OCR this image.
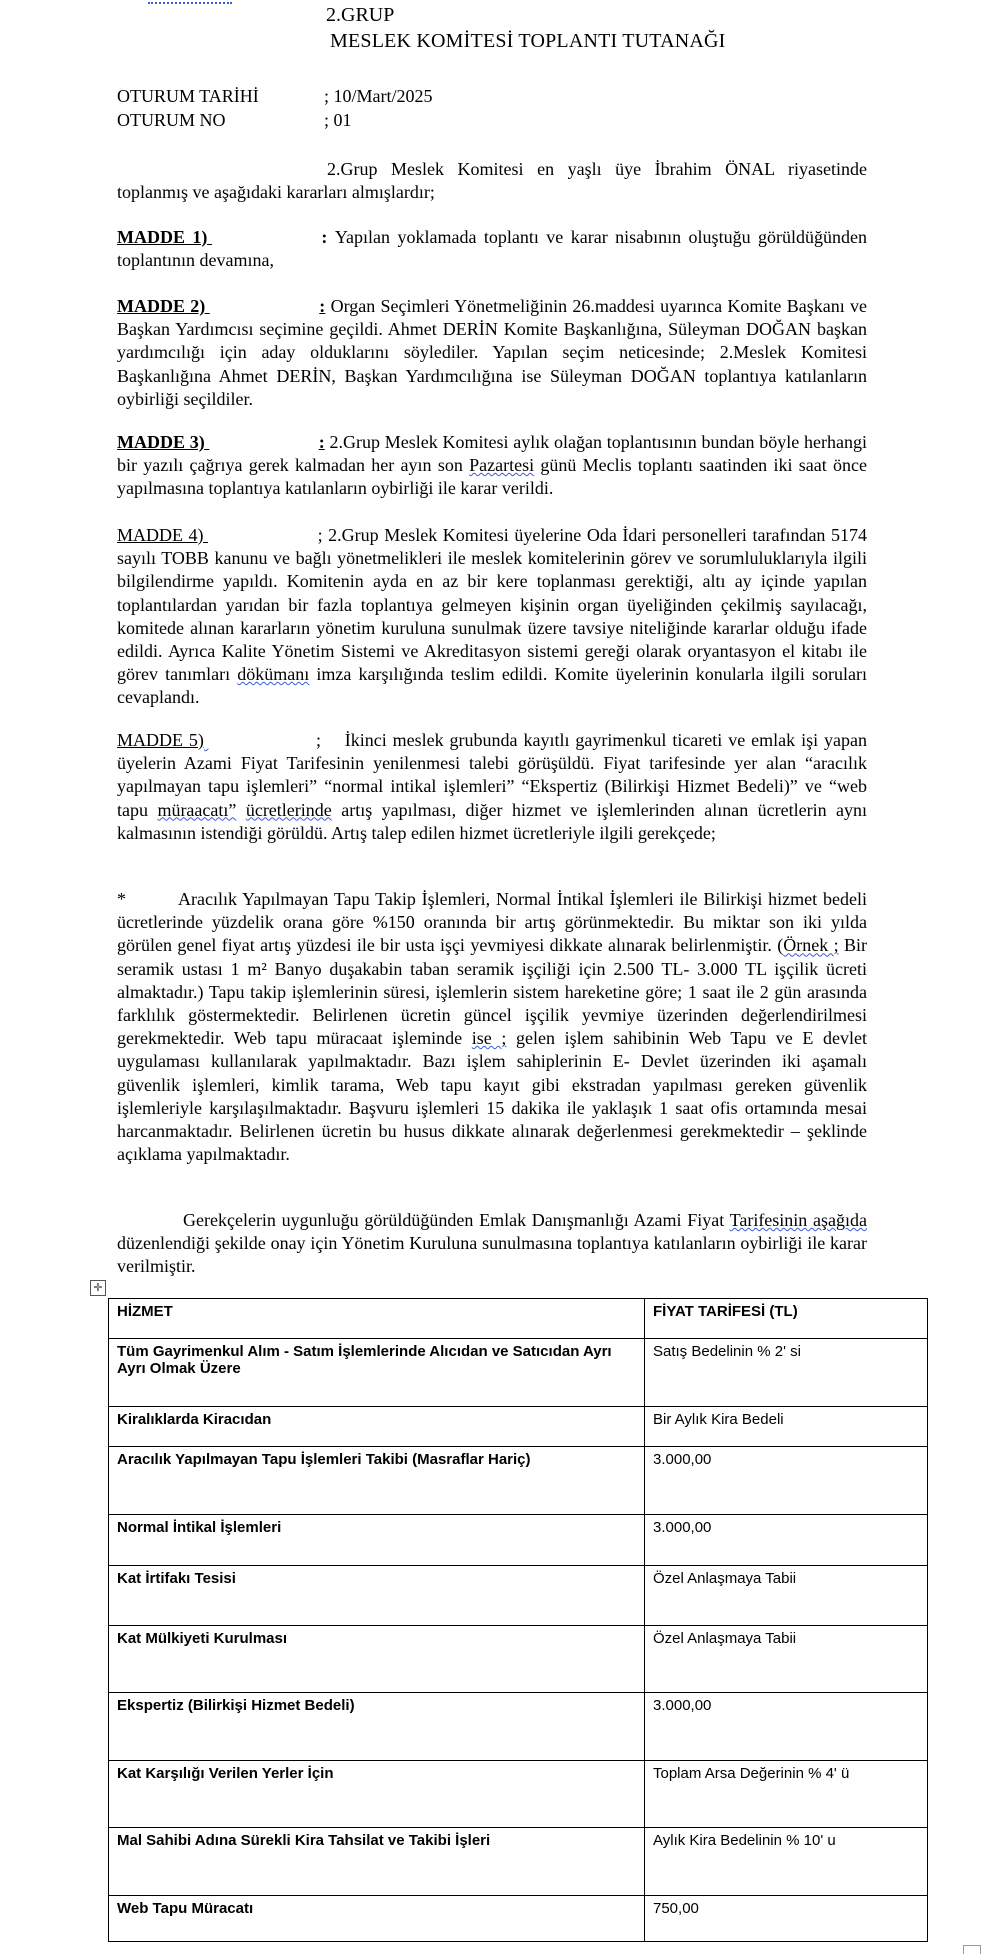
2.GRUP
MESLEK KOMİTESİ TOPLANTI TUTANAĞI
OTURUM TARİHİ	; 10/Mart/2025
OTURUM NO	; 01
2.Grup Meslek Komitesi en yaşlı üye İbrahim ÖNAL riyasetinde toplanmış ve aşağıdaki kararları almışlardır;
MADDE 1)	: Yapılan yoklamada toplantı ve karar nisabının oluştuğu görüldüğünden toplantının devamına,
MADDE 2)	: Organ Seçimleri Yönetmeliğinin 26.maddesi uyarınca Komite Başkanı ve Başkan Yardımcısı seçimine geçildi. Ahmet DERİN Komite Başkanlığına, Süleyman DOĞAN başkan yardımcılığı için aday olduklarını söylediler. Yapılan seçim neticesinde; 2.Meslek Komitesi Başkanlığına Ahmet DERİN, Başkan Yardımcılığına ise Süleyman DOĞAN toplantıya katılanların oybirliği seçildiler.
MADDE 3)	: 2.Grup Meslek Komitesi aylık olağan toplantısının bundan böyle herhangi bir yazılı çağrıya gerek kalmadan her ayın son Pazartesi günü Meclis toplantı saatinden iki saat önce yapılmasına toplantıya katılanların oybirliği ile karar verildi.
MADDE 4)	; 2.Grup Meslek Komitesi üyelerine Oda İdari personelleri tarafından 5174 sayılı TOBB kanunu ve bağlı yönetmelikleri ile meslek komitelerinin görev ve sorumluluklarıyla ilgili bilgilendirme yapıldı. Komitenin ayda en az bir kere toplanması gerektiği, altı ay içinde yapılan toplantılardan yarıdan bir fazla toplantıya gelmeyen kişinin organ üyeliğinden çekilmiş sayılacağı, komitede alınan kararların yönetim kuruluna sunulmak üzere tavsiye niteliğinde kararlar olduğu ifade edildi. Ayrıca Kalite Yönetim Sistemi ve Akreditasyon sistemi gereği olarak oryantasyon el kitabı ile görev tanımları dökümanı imza karşılığında teslim edildi. Komite üyelerinin konularla ilgili soruları cevaplandı.
MADDE 5)	;    İkinci meslek grubunda kayıtlı gayrimenkul ticareti ve emlak işi yapan üyelerin Azami Fiyat Tarifesinin yenilenmesi talebi görüşüldü. Fiyat tarifesinde yer alan “aracılık yapılmayan tapu işlemleri” “normal intikal işlemleri” “Ekspertiz (Bilirkişi Hizmet Bedeli)” ve “web tapu müraacatı” ücretlerinde artış yapılması, diğer hizmet ve işlemlerinden alınan ücretlerin aynı kalmasının istendiği görüldü. Artış talep edilen hizmet ücretleriyle ilgili gerekçede;
*	Aracılık Yapılmayan Tapu Takip İşlemleri, Normal İntikal İşlemleri ile Bilirkişi hizmet bedeli ücretlerinde yüzdelik orana göre %150 oranında bir artış görünmektedir. Bu miktar son iki yılda görülen genel fiyat artış yüzdesi ile bir usta işçi yevmiyesi dikkate alınarak belirlenmiştir. (Örnek ; Bir seramik ustası 1 m² Banyo duşakabin taban seramik işçiliği için 2.500 TL- 3.000 TL işçilik ücreti almaktadır.) Tapu takip işlemlerinin süresi, işlemlerin sistem hareketine göre; 1 saat ile 2 gün arasında farklılık göstermektedir. Belirlenen ücretin güncel işçilik yevmiye üzerinden değerlendirilmesi gerekmektedir. Web tapu müracaat işleminde ise ; gelen işlem sahibinin Web Tapu ve E devlet uygulaması kullanılarak yapılmaktadır. Bazı işlem sahiplerinin E- Devlet üzerinden iki aşamalı güvenlik işlemleri, kimlik tarama, Web tapu kayıt gibi ekstradan yapılması gereken güvenlik işlemleriyle karşılaşılmaktadır. Başvuru işlemleri 15 dakika ile yaklaşık 1 saat ofis ortamında mesai harcanmaktadır. Belirlenen ücretin bu husus dikkate alınarak değerlenmesi gerekmektedir – şeklinde açıklama yapılmaktadır.
Gerekçelerin uygunluğu görüldüğünden Emlak Danışmanlığı Azami Fiyat Tarifesinin aşağıda düzenlendiği şekilde onay için Yönetim Kuruluna sunulmasına toplantıya katılanların oybirliği ile karar verilmiştir.
✛
HİZMET	FİYAT TARİFESİ (TL)
Tüm Gayrimenkul Alım - Satım İşlemlerinde Alıcıdan ve Satıcıdan Ayrı Ayrı Olmak Üzere	Satış Bedelinin % 2' si
Kiralıklarda Kiracıdan	Bir Aylık Kira Bedeli
Aracılık Yapılmayan Tapu İşlemleri Takibi (Masraflar Hariç)	3.000,00
Normal İntikal İşlemleri	3.000,00
Kat İrtifakı Tesisi	Özel Anlaşmaya Tabii
Kat Mülkiyeti Kurulması	Özel Anlaşmaya Tabii
Ekspertiz (Bilirkişi Hizmet Bedeli)	3.000,00
Kat Karşılığı Verilen Yerler İçin	Toplam Arsa Değerinin % 4' ü
Mal Sahibi Adına Sürekli Kira Tahsilat ve Takibi İşleri	Aylık Kira Bedelinin % 10' u
Web Tapu Müracatı	750,00
